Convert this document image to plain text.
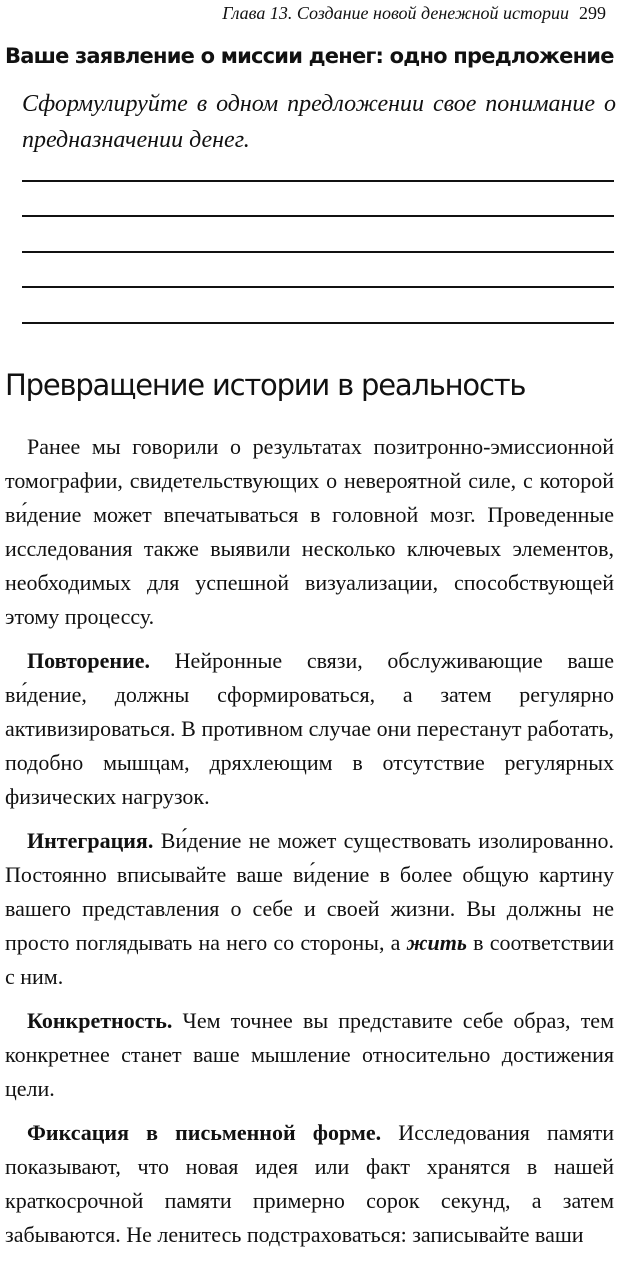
Глава 13. Создание новой денежной истории 299
Ваше заявление о миссии денег: одно предложение
Сформулируйте в одном предложении свое понимание о предназначении денег.
Превращение истории в реальность

Ранее мы говорили о результатах позитронно-эмиссионной томографии, свидетельствующих о невероятной силе, с которой ви́дение может впечатываться в головной мозг. Проведенные исследования также выявили несколько ключевых элементов, необходимых для успешной визуализации, способствующей этому процессу.

Повторение. Нейронные связи, обслуживающие ваше ви́дение, должны сформироваться, а затем регулярно активизироваться. В противном случае они перестанут работать, подобно мышцам, дряхлеющим в отсутствие регулярных физических нагрузок.

Интеграция. Ви́дение не может существовать изолированно. Постоянно вписывайте ваше ви́дение в более общую картину вашего представления о себе и своей жизни. Вы должны не просто поглядывать на него со стороны, а жить в соответствии с ним.

Конкретность. Чем точнее вы представите себе образ, тем конкретнее станет ваше мышление относительно достижения цели.

Фиксация в письменной форме. Исследования памяти показывают, что новая идея или факт хранятся в нашей краткосрочной памяти примерно сорок секунд, а затем забываются. Не ленитесь подстраховаться: записывайте ваши
